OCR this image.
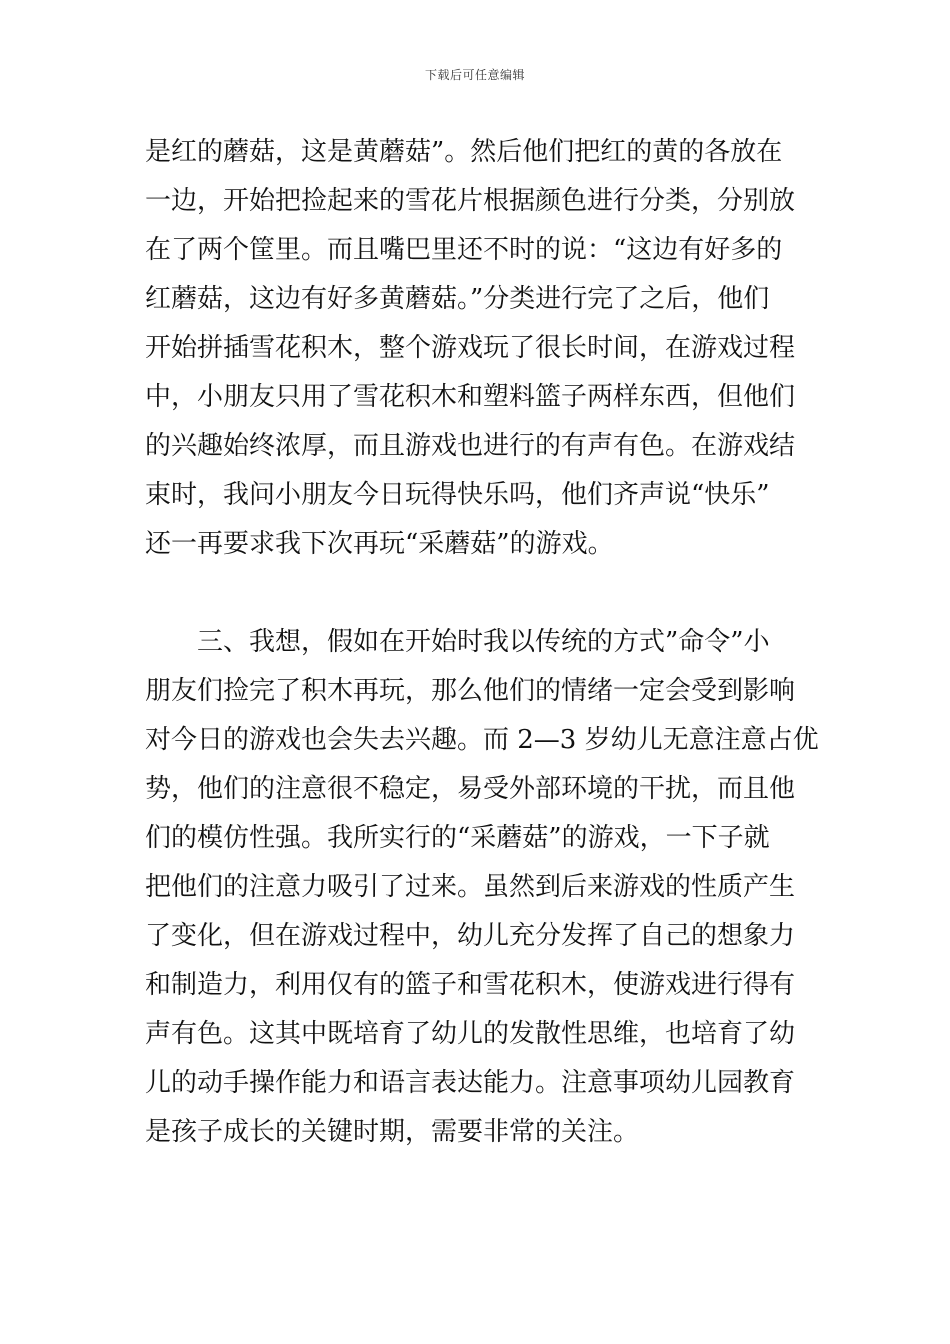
下载后可任意编辑
是红的蘑菇，这是黄蘑菇”。然后他们把红的黄的各放在
一边，开始把捡起来的雪花片根据颜色进行分类，分别放
在了两个筐里。而且嘴巴里还不时的说：“这边有好多的
红蘑菇，这边有好多黄蘑菇。”分类进行完了之后，他们
开始拼插雪花积木，整个游戏玩了很长时间，在游戏过程
中，小朋友只用了雪花积木和塑料篮子两样东西，但他们
的兴趣始终浓厚，而且游戏也进行的有声有色。在游戏结
束时，我问小朋友今日玩得快乐吗，他们齐声说“快乐”
还一再要求我下次再玩“采蘑菇”的游戏。
三、我想，假如在开始时我以传统的方式”命令”小
朋友们捡完了积木再玩，那么他们的情绪一定会受到影响
对今日的游戏也会失去兴趣。而 2—3 岁幼儿无意注意占优
势，他们的注意很不稳定，易受外部环境的干扰，而且他
们的模仿性强。我所实行的“采蘑菇”的游戏，一下子就
把他们的注意力吸引了过来。虽然到后来游戏的性质产生
了变化，但在游戏过程中，幼儿充分发挥了自己的想象力
和制造力，利用仅有的篮子和雪花积木，使游戏进行得有
声有色。这其中既培育了幼儿的发散性思维，也培育了幼
儿的动手操作能力和语言表达能力。注意事项幼儿园教育
是孩子成长的关键时期，需要非常的关注。
